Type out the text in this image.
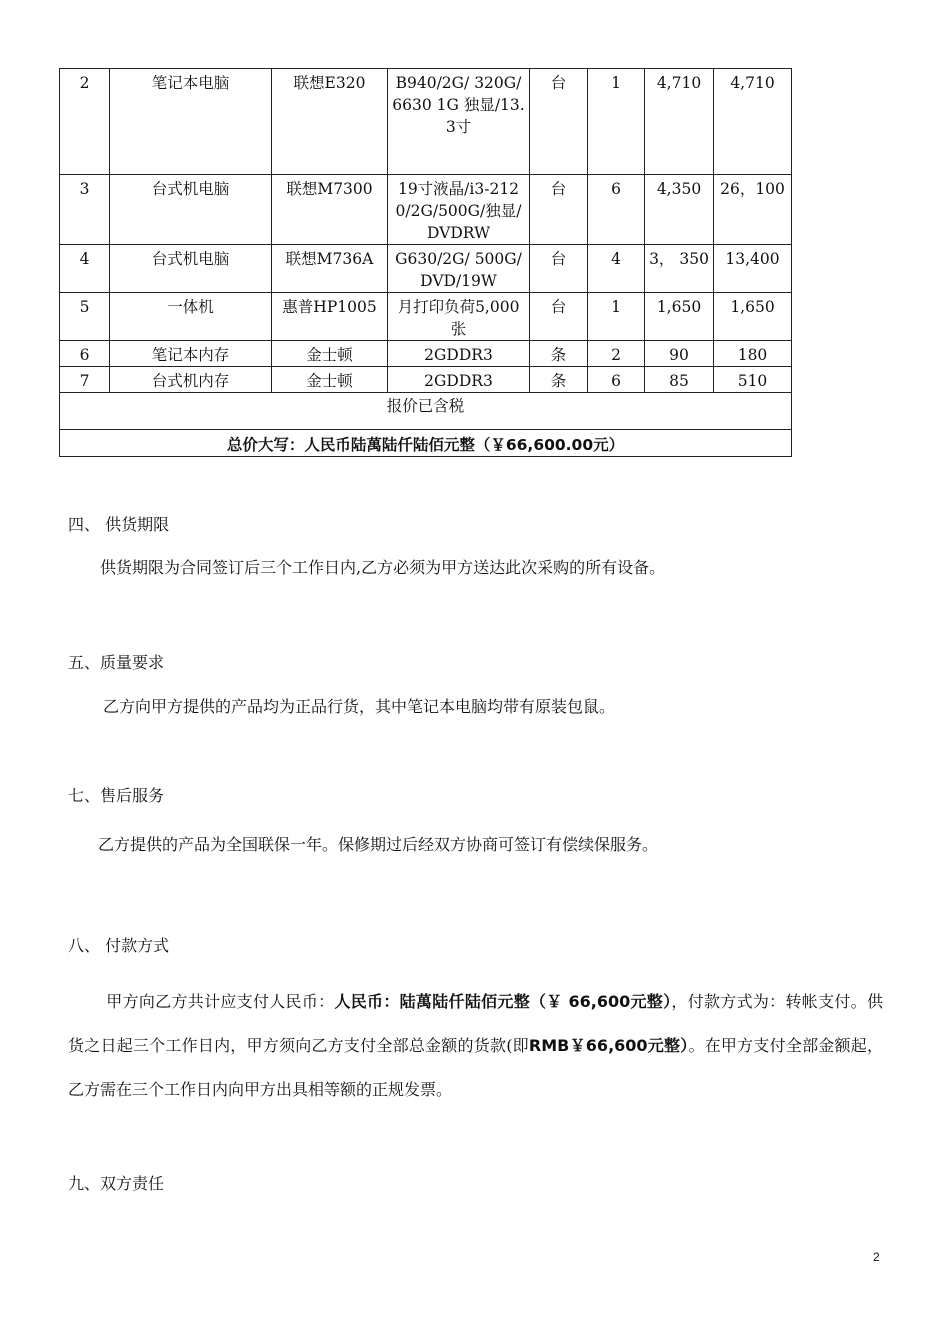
2	笔记本电脑	联想E320	B940/2G/ 320G/6630 1G 独显/13.3寸	台	1	4,710	4,710
3	台式机电脑	联想M7300	19寸液晶/i3-2120/2G/500G/独显/DVDRW	台	6	4,350	26，100
4	台式机电脑	联想M736A	G630/2G/ 500G/DVD/19W	台	4	3， 350	13,400
5	一体机	惠普HP1005	月打印负荷5,000张	台	1	1,650	1,650
6	笔记本内存	金士顿	2GDDR3	条	2	90	180
7	台式机内存	金士顿	2GDDR3	条	6	85	510
报价已含税							
总价大写：人民币陆萬陆仟陆佰元整（￥66,600.00元）							
四、 供货期限
供货期限为合同签订后三个工作日内,乙方必须为甲方送达此次采购的所有设备。
五、质量要求
乙方向甲方提供的产品均为正品行货，其中笔记本电脑均带有原装包鼠。
七、售后服务
乙方提供的产品为全国联保一年。保修期过后经双方协商可签订有偿续保服务。
八、 付款方式
甲方向乙方共计应支付人民币：人民币：陆萬陆仟陆佰元整（￥ 66,600元整），付款方式为：转帐支付。供货之日起三个工作日内，甲方须向乙方支付全部总金额的货款(即RMB￥66,600元整）。在甲方支付全部金额起，乙方需在三个工作日内向甲方出具相等额的正规发票。
九、双方责任
2
